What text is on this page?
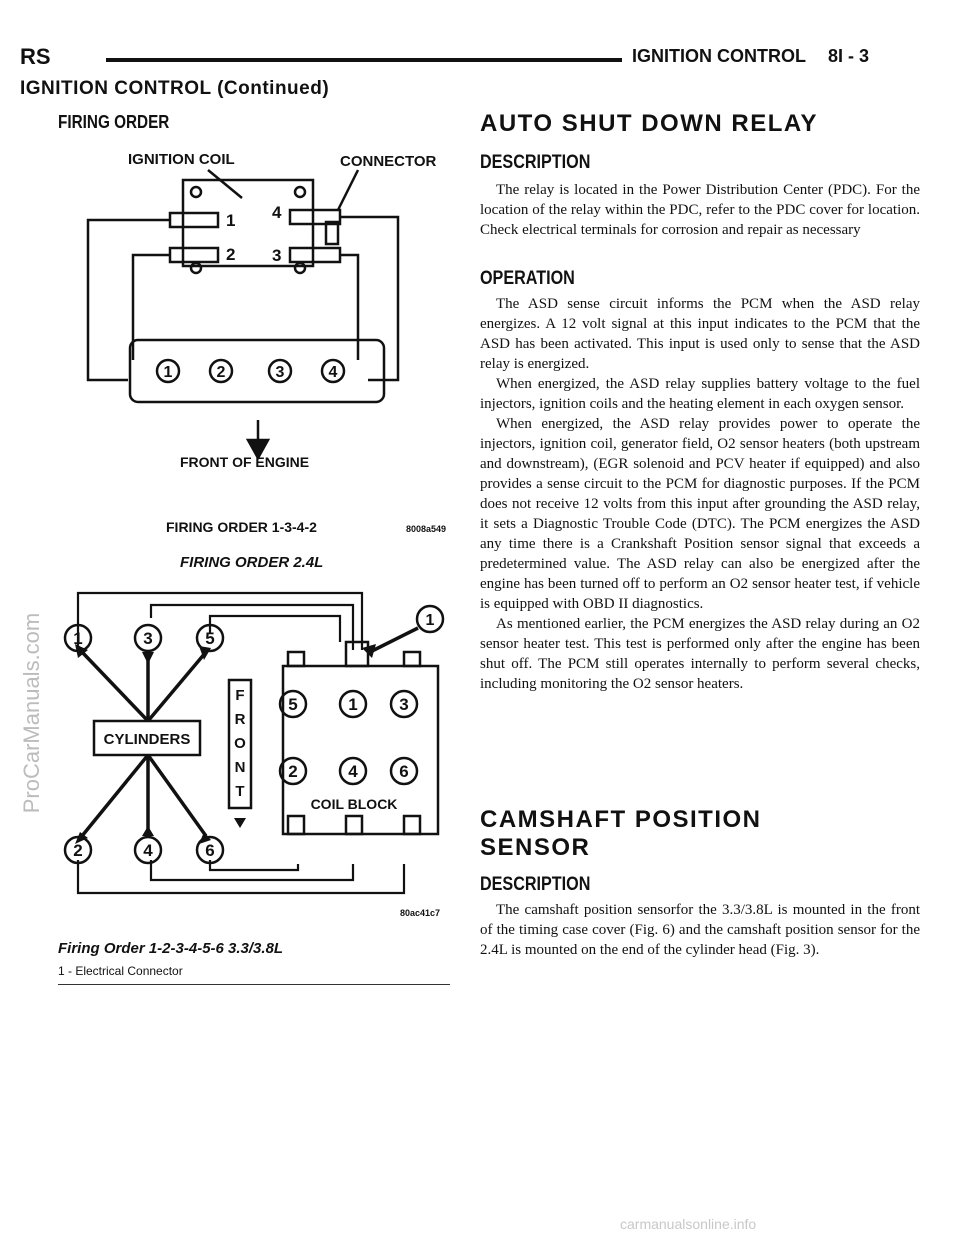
RS	IGNITION CONTROL 8I - 3
IGNITION CONTROL (Continued)
FIRING ORDER
IGNITION COIL	CONNECTOR
1
2
4
3
1	2	3	4
FRONT OF ENGINE
FIRING ORDER 1-3-4-2	8008a549
FIRING ORDER 2.4L
1
1	3	5
2	4	6
5	1 3
2	4 6
CYLINDERS
F
R
O
N
T
COIL BLOCK
80ac41c7
Firing Order 1-2-3-4-5-6 3.3/3.8L
1 - Electrical Connector
AUTO SHUT DOWN RELAY
DESCRIPTION

The relay is located in the Power Distribution Center (PDC). For the location of the relay within the PDC, refer to the PDC cover for location. Check electrical terminals for corrosion and repair as necessary

OPERATION

The ASD sense circuit informs the PCM when the ASD relay energizes. A 12 volt signal at this input indicates to the PCM that the ASD has been activated. This input is used only to sense that the ASD relay is energized.

When energized, the ASD relay supplies battery voltage to the fuel injectors, ignition coils and the heating element in each oxygen sensor.

When energized, the ASD relay provides power to operate the injectors, ignition coil, generator field, O2 sensor heaters (both upstream and downstream), (EGR solenoid and PCV heater if equipped) and also provides a sense circuit to the PCM for diagnostic purposes. If the PCM does not receive 12 volts from this input after grounding the ASD relay, it sets a Diagnostic Trouble Code (DTC). The PCM energizes the ASD any time there is a Crankshaft Position sensor signal that exceeds a predetermined value. The ASD relay can also be energized after the engine has been turned off to perform an O2 sensor heater test, if vehicle is equipped with OBD II diagnostics.

As mentioned earlier, the PCM energizes the ASD relay during an O2 sensor heater test. This test is performed only after the engine has been shut off. The PCM still operates internally to perform several checks, including monitoring the O2 sensor heaters.

CAMSHAFT POSITION
SENSOR
DESCRIPTION

The camshaft position sensorfor the 3.3/3.8L is mounted in the front of the timing case cover (Fig. 6) and the camshaft position sensor for the 2.4L is mounted on the end of the cylinder head (Fig. 3).

ProCarManuals.com
carmanualsonline.info
